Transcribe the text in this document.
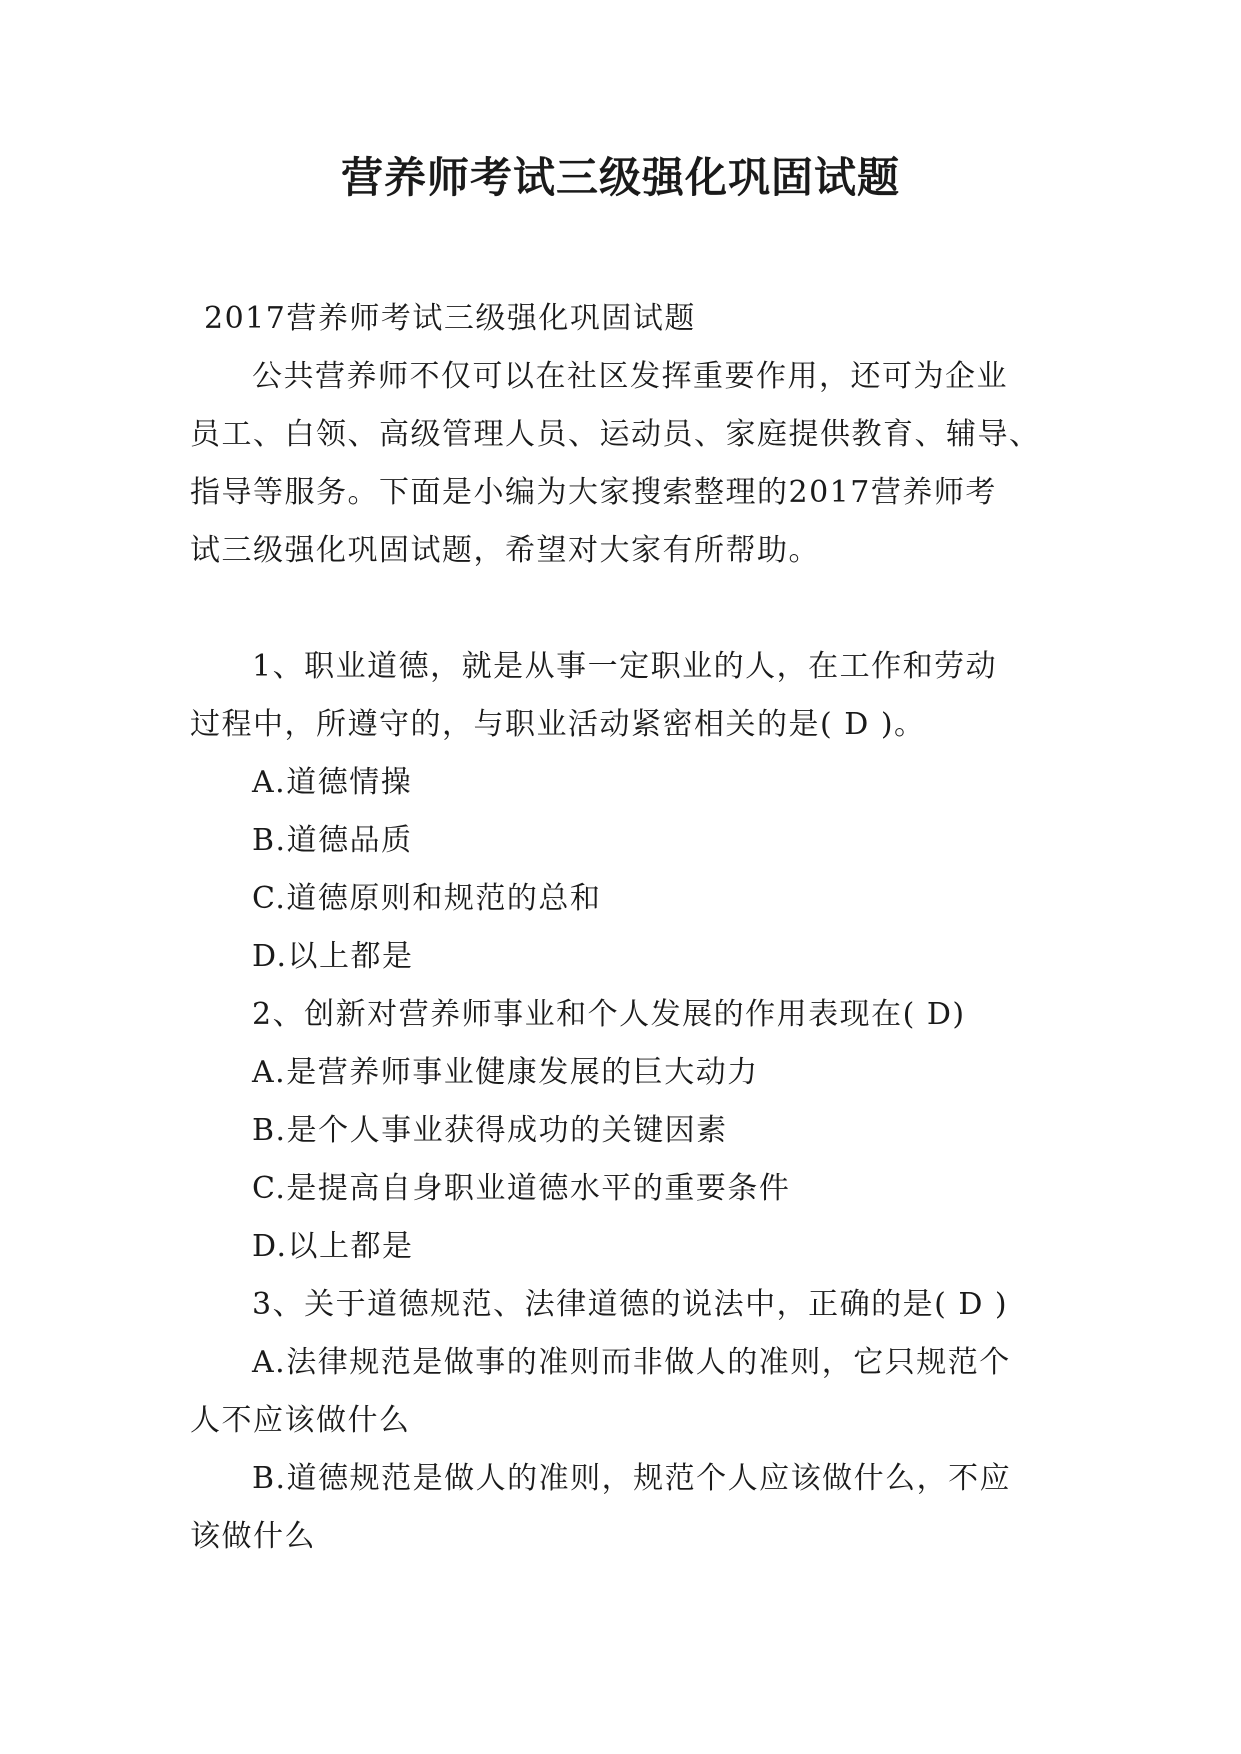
营养师考试三级强化巩固试题
2017营养师考试三级强化巩固试题
公共营养师不仅可以在社区发挥重要作用，还可为企业
员工、白领、高级管理人员、运动员、家庭提供教育、辅导、
指导等服务。下面是小编为大家搜索整理的2017营养师考
试三级强化巩固试题，希望对大家有所帮助。
1、职业道德，就是从事一定职业的人，在工作和劳动
过程中，所遵守的，与职业活动紧密相关的是( D )。
A.道德情操
B.道德品质
C.道德原则和规范的总和
D.以上都是
2、创新对营养师事业和个人发展的作用表现在( D)
A.是营养师事业健康发展的巨大动力
B.是个人事业获得成功的关键因素
C.是提高自身职业道德水平的重要条件
D.以上都是
3、关于道德规范、法律道德的说法中，正确的是( D )
A.法律规范是做事的准则而非做人的准则，它只规范个
人不应该做什么
B.道德规范是做人的准则，规范个人应该做什么，不应
该做什么
